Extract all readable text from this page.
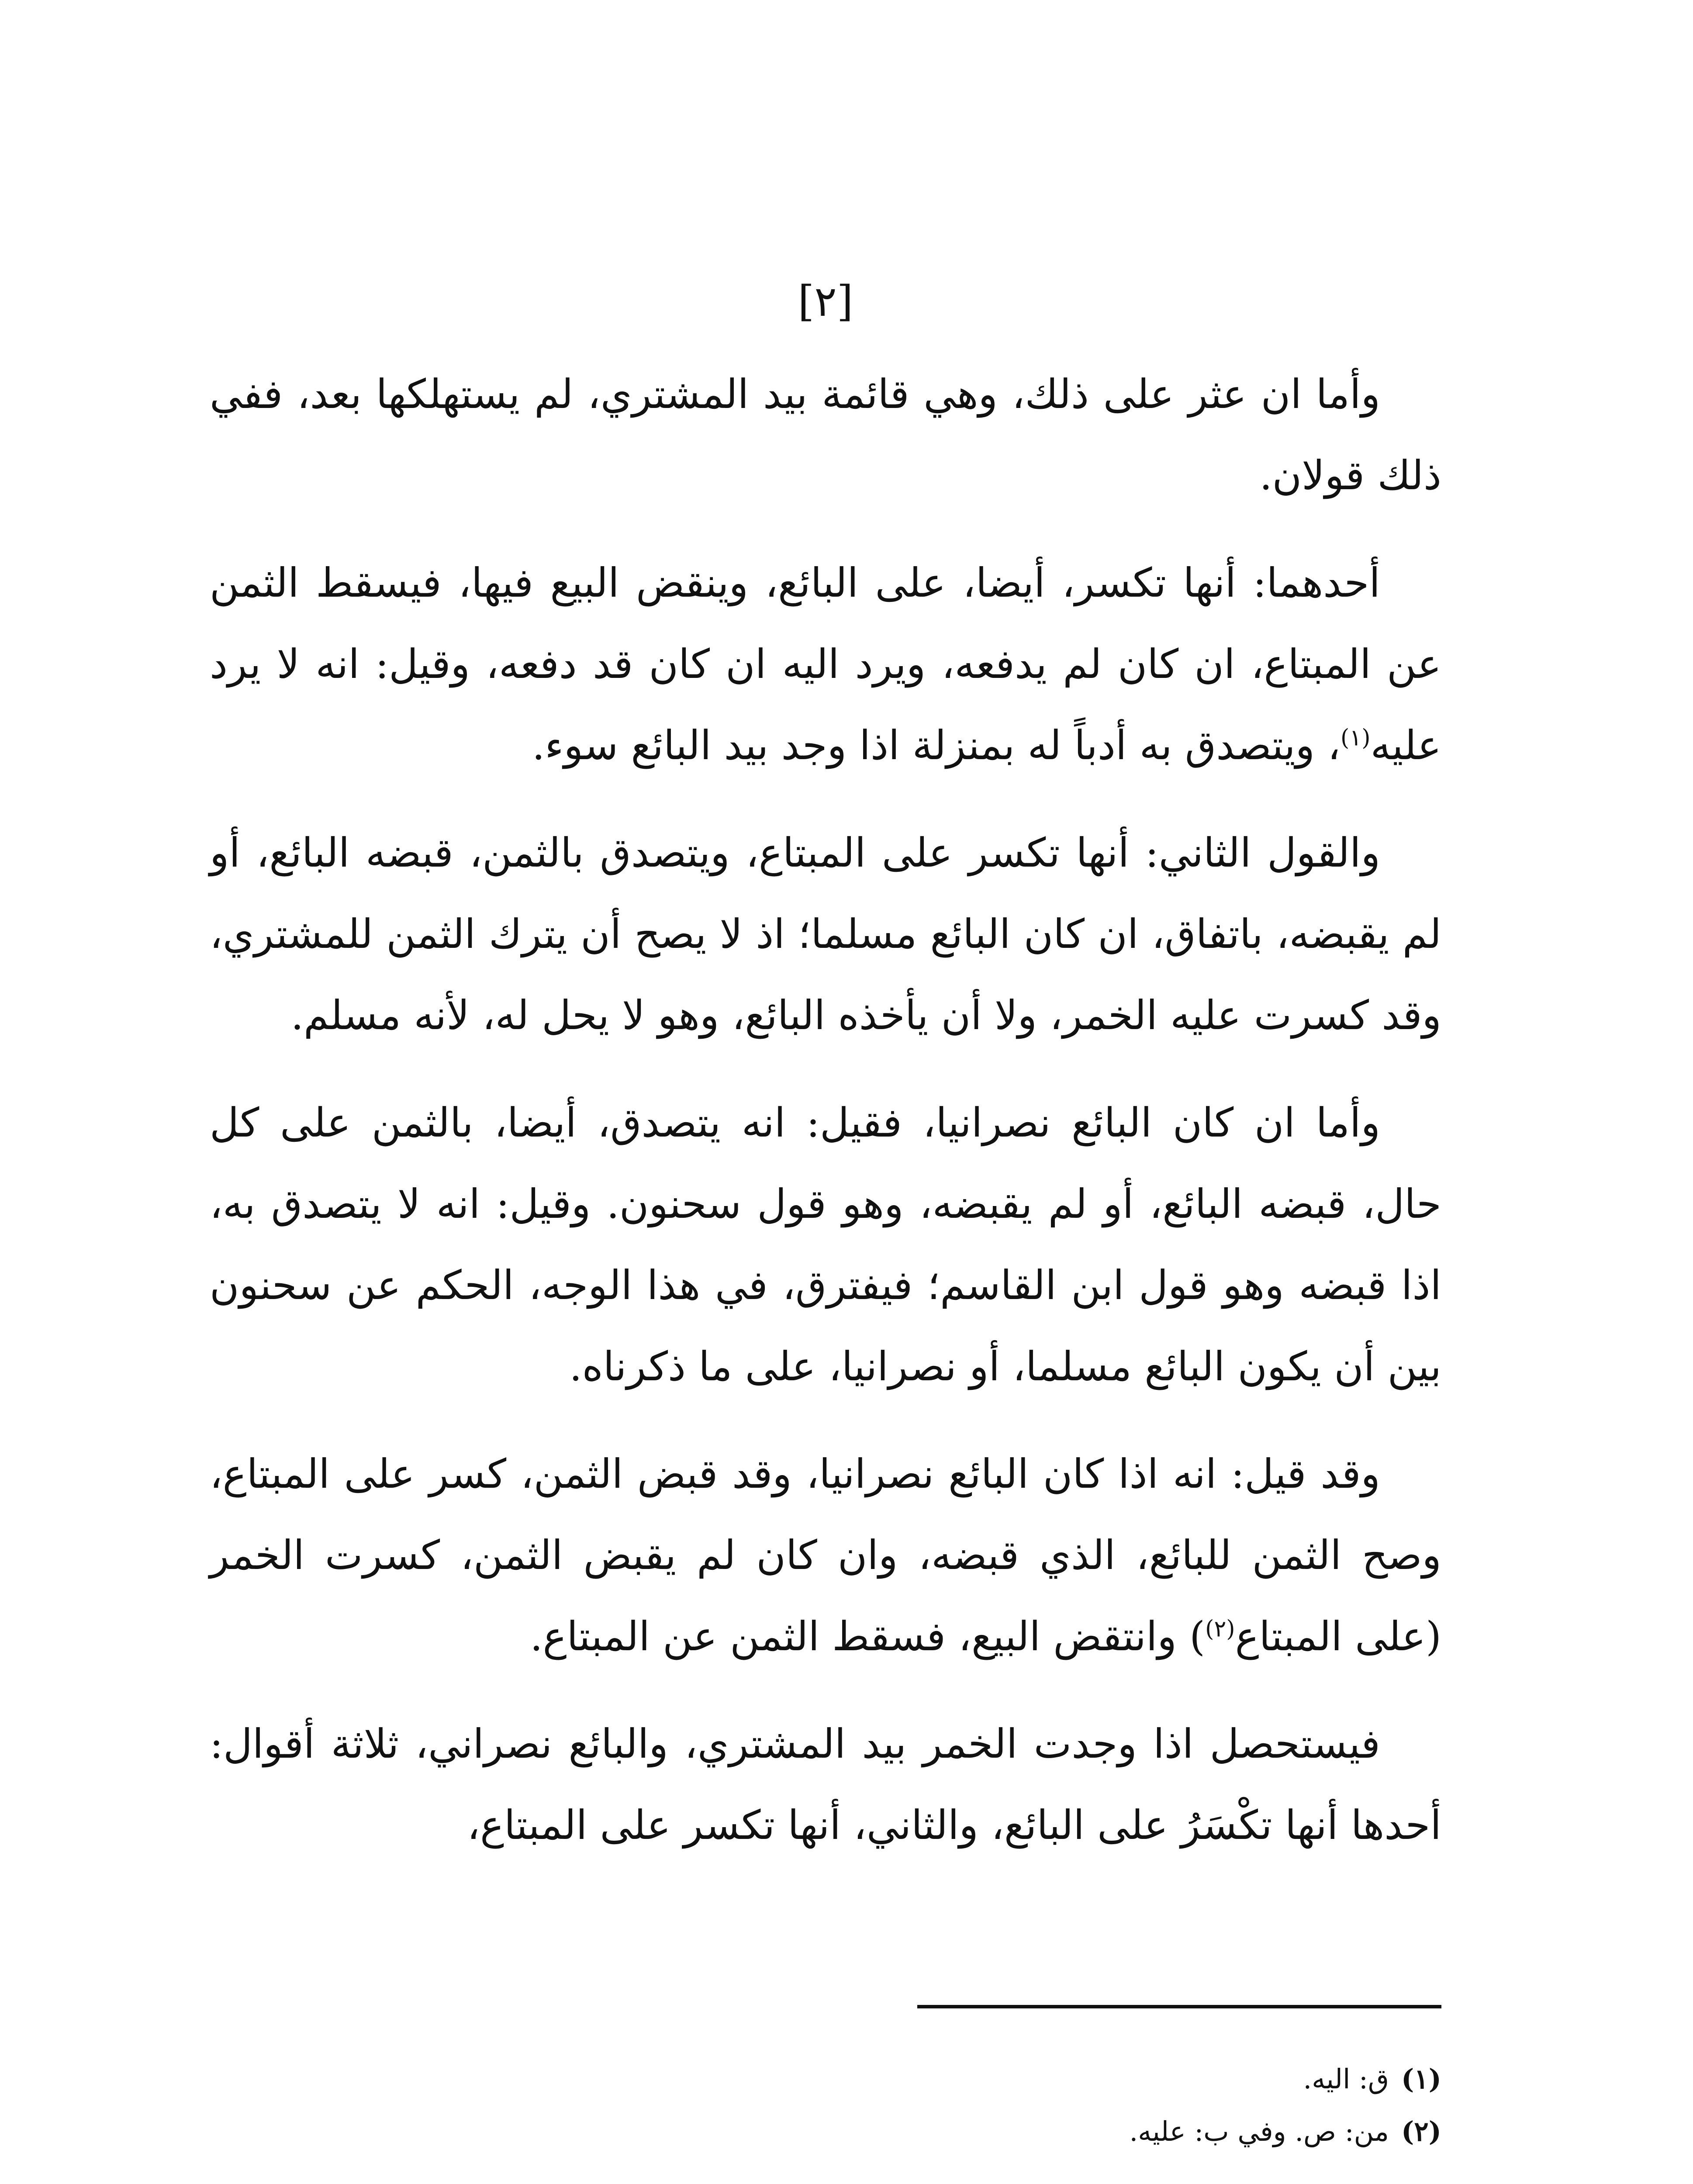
[٢]

وأما ان عثر على ذلك، وهي قائمة بيد المشتري، لم يستهلكها بعد، ففي ذلك قولان.

أحدهما: أنها تكسر، أيضا، على البائع، وينقض البيع فيها، فيسقط الثمن عن المبتاع، ان كان لم يدفعه، ويرد اليه ان كان قد دفعه، وقيل: انه لا يرد عليه$^{(١)}$، ويتصدق به أدباً له بمنزلة اذا وجد بيد البائع سوء.

والقول الثاني: أنها تكسر على المبتاع، ويتصدق بالثمن، قبضه البائع، أو لم يقبضه، باتفاق، ان كان البائع مسلما؛ اذ لا يصح أن يترك الثمن للمشتري، وقد كسرت عليه الخمر، ولا أن يأخذه البائع، وهو لا يحل له، لأنه مسلم.

وأما ان كان البائع نصرانيا، فقيل: انه يتصدق، أيضا، بالثمن على كل حال، قبضه البائع، أو لم يقبضه، وهو قول سحنون. وقيل: انه لا يتصدق به، اذا قبضه وهو قول ابن القاسم؛ فيفترق، في هذا الوجه، الحكم عن سحنون بين أن يكون البائع مسلما، أو نصرانيا، على ما ذكرناه.

وقد قيل: انه اذا كان البائع نصرانيا، وقد قبض الثمن، كسر على المبتاع، وصح الثمن للبائع، الذي قبضه، وان كان لم يقبض الثمن، كسرت الخمر (على المبتاع$^{(٢)}$) وانتقض البيع، فسقط الثمن عن المبتاع.

فيستحصل اذا وجدت الخمر بيد المشتري، والبائع نصراني، ثلاثة أقوال: أحدها أنها تكْسَرُ على البائع، والثاني، أنها تكسر على المبتاع،

(١)ق: اليه.
(٢)من: ص. وفي ب: عليه.
